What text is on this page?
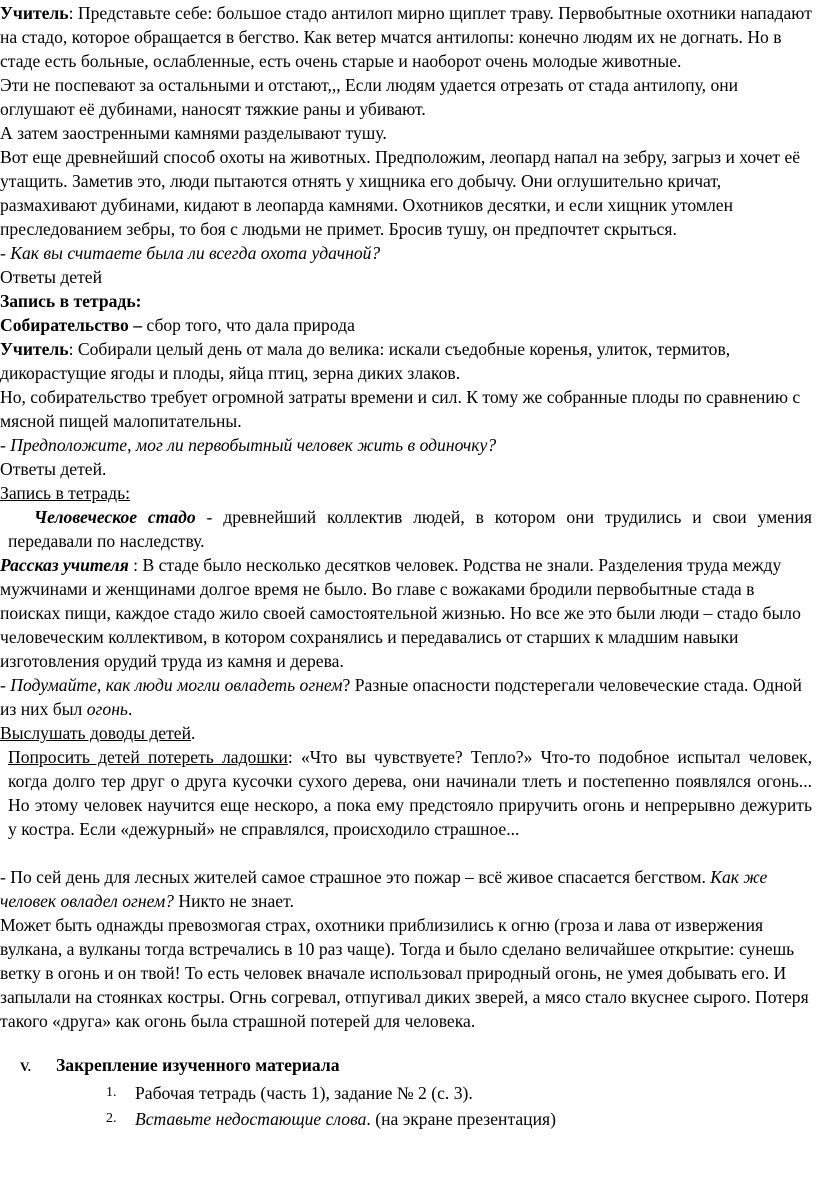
Учитель: Представьте себе: большое стадо антилоп мирно щиплет траву. Первобытные охотники нападают на стадо, которое обращается в бегство. Как ветер мчатся антилопы: конечно людям их не догнать. Но в стаде есть больные, ослабленные, есть очень старые и наоборот очень молодые животные.

Эти не поспевают за остальными и отстают,,, Если людям удается отрезать от стада антилопу, они оглушают её дубинами, наносят тяжкие раны и убивают.

А затем заостренными камнями разделывают тушу.

Вот еще древнейший способ охоты на животных. Предположим, леопард напал на зебру, загрыз и хочет её утащить. Заметив это, люди пытаются отнять у хищника его добычу. Они оглушительно кричат, размахивают дубинами, кидают в леопарда камнями. Охотников десятки, и если хищник утомлен преследованием зебры, то боя с людьми не примет. Бросив тушу, он предпочтет скрыться.

- Как вы считаете была ли всегда охота удачной?

Ответы детей

Запись в тетрадь:

Собирательство – сбор того, что дала природа

Учитель: Собирали целый день от мала до велика: искали съедобные коренья, улиток, термитов, дикорастущие ягоды и плоды, яйца птиц, зерна диких злаков.

Но, собирательство требует огромной затраты времени и сил. К тому же собранные плоды по сравнению с мясной пищей малопитательны.

- Предположите, мог ли первобытный человек жить в одиночку?

Ответы детей.

Запись в тетрадь:

Человеческое стадо - древнейший коллектив людей, в котором они трудились и свои умения передавали по наследству.

Рассказ учителя : В стаде было несколько десятков человек. Родства не знали. Разделения труда между мужчинами и женщинами долгое время не было. Во главе с вожаками бродили первобытные стада в поисках пищи, каждое стадо жило своей самостоятельной жизнью. Но все же это были люди – стадо было человеческим коллективом, в котором сохранялись и передавались от старших к младшим навыки изготовления орудий труда из камня и дерева.

- Подумайте, как люди могли овладеть огнем? Разные опасности подстерегали человеческие стада. Одной из них был огонь.

Выслушать доводы детей.

Попросить детей потереть ладошки: «Что вы чувствуете? Тепло?» Что-то подобное испытал человек, когда долго тер друг о друга кусочки сухого дерева, они начинали тлеть и постепенно появлялся огонь... Но этому человек научится еще нескоро, а пока ему предстояло приручить огонь и непрерывно дежурить у костра. Если «дежурный» не справлялся, происходило страшное...

- По сей день для лесных жителей самое страшное это пожар – всё живое спасается бегством. Как же человек овладел огнем? Никто не знает.

Может быть однажды превозмогая страх, охотники приблизились к огню (гроза и лава от извержения вулкана, а вулканы тогда встречались в 10 раз чаще). Тогда и было сделано величайшее открытие: сунешь ветку в огонь и он твой! То есть человек вначале использовал природный огонь, не умея добывать его. И запылали на стоянках костры. Огнь согревал, отпугивал диких зверей, а мясо стало вкуснее сырого. Потеря такого «друга» как огонь была страшной потерей для человека.

V. Закрепление изученного материала
1. Рабочая тетрадь (часть 1), задание № 2 (с. 3).
2. Вставьте недостающие слова. (на экране презентация)
